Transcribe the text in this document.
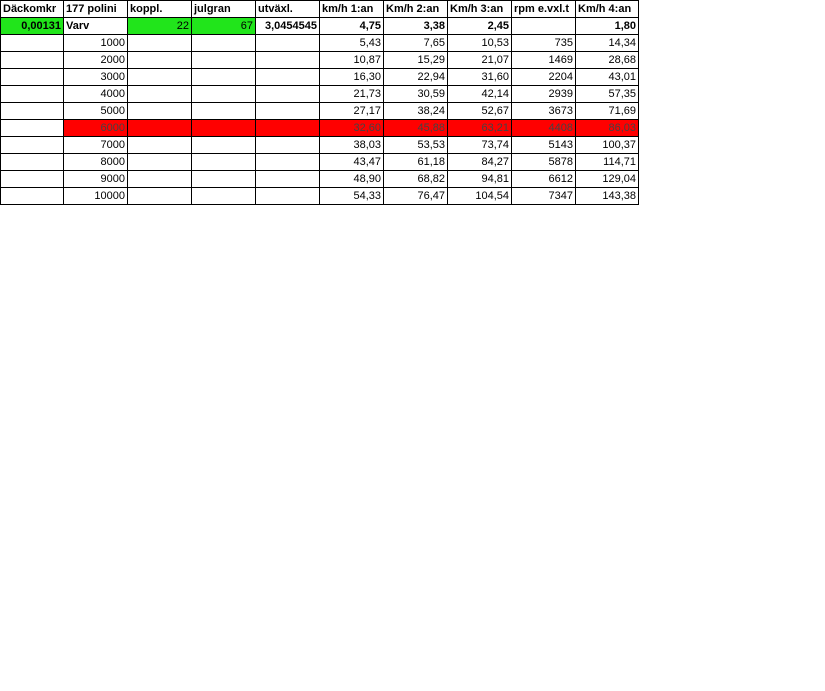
Däckomkr	177 polini	koppl.	julgran	utväxl.	km/h 1:an	Km/h 2:an	Km/h 3:an	rpm e.vxl.t	Km/h 4:an
0,00131	Varv	22	67	3,0454545	4,75	3,38	2,45		1,80
	1000				5,43	7,65	10,53	735	14,34
	2000				10,87	15,29	21,07	1469	28,68
	3000				16,30	22,94	31,60	2204	43,01
	4000				21,73	30,59	42,14	2939	57,35
	5000				27,17	38,24	52,67	3673	71,69
	6000				32,60	45,88	63,21	4408	86,03
	7000				38,03	53,53	73,74	5143	100,37
	8000				43,47	61,18	84,27	5878	114,71
	9000				48,90	68,82	94,81	6612	129,04
	10000				54,33	76,47	104,54	7347	143,38
